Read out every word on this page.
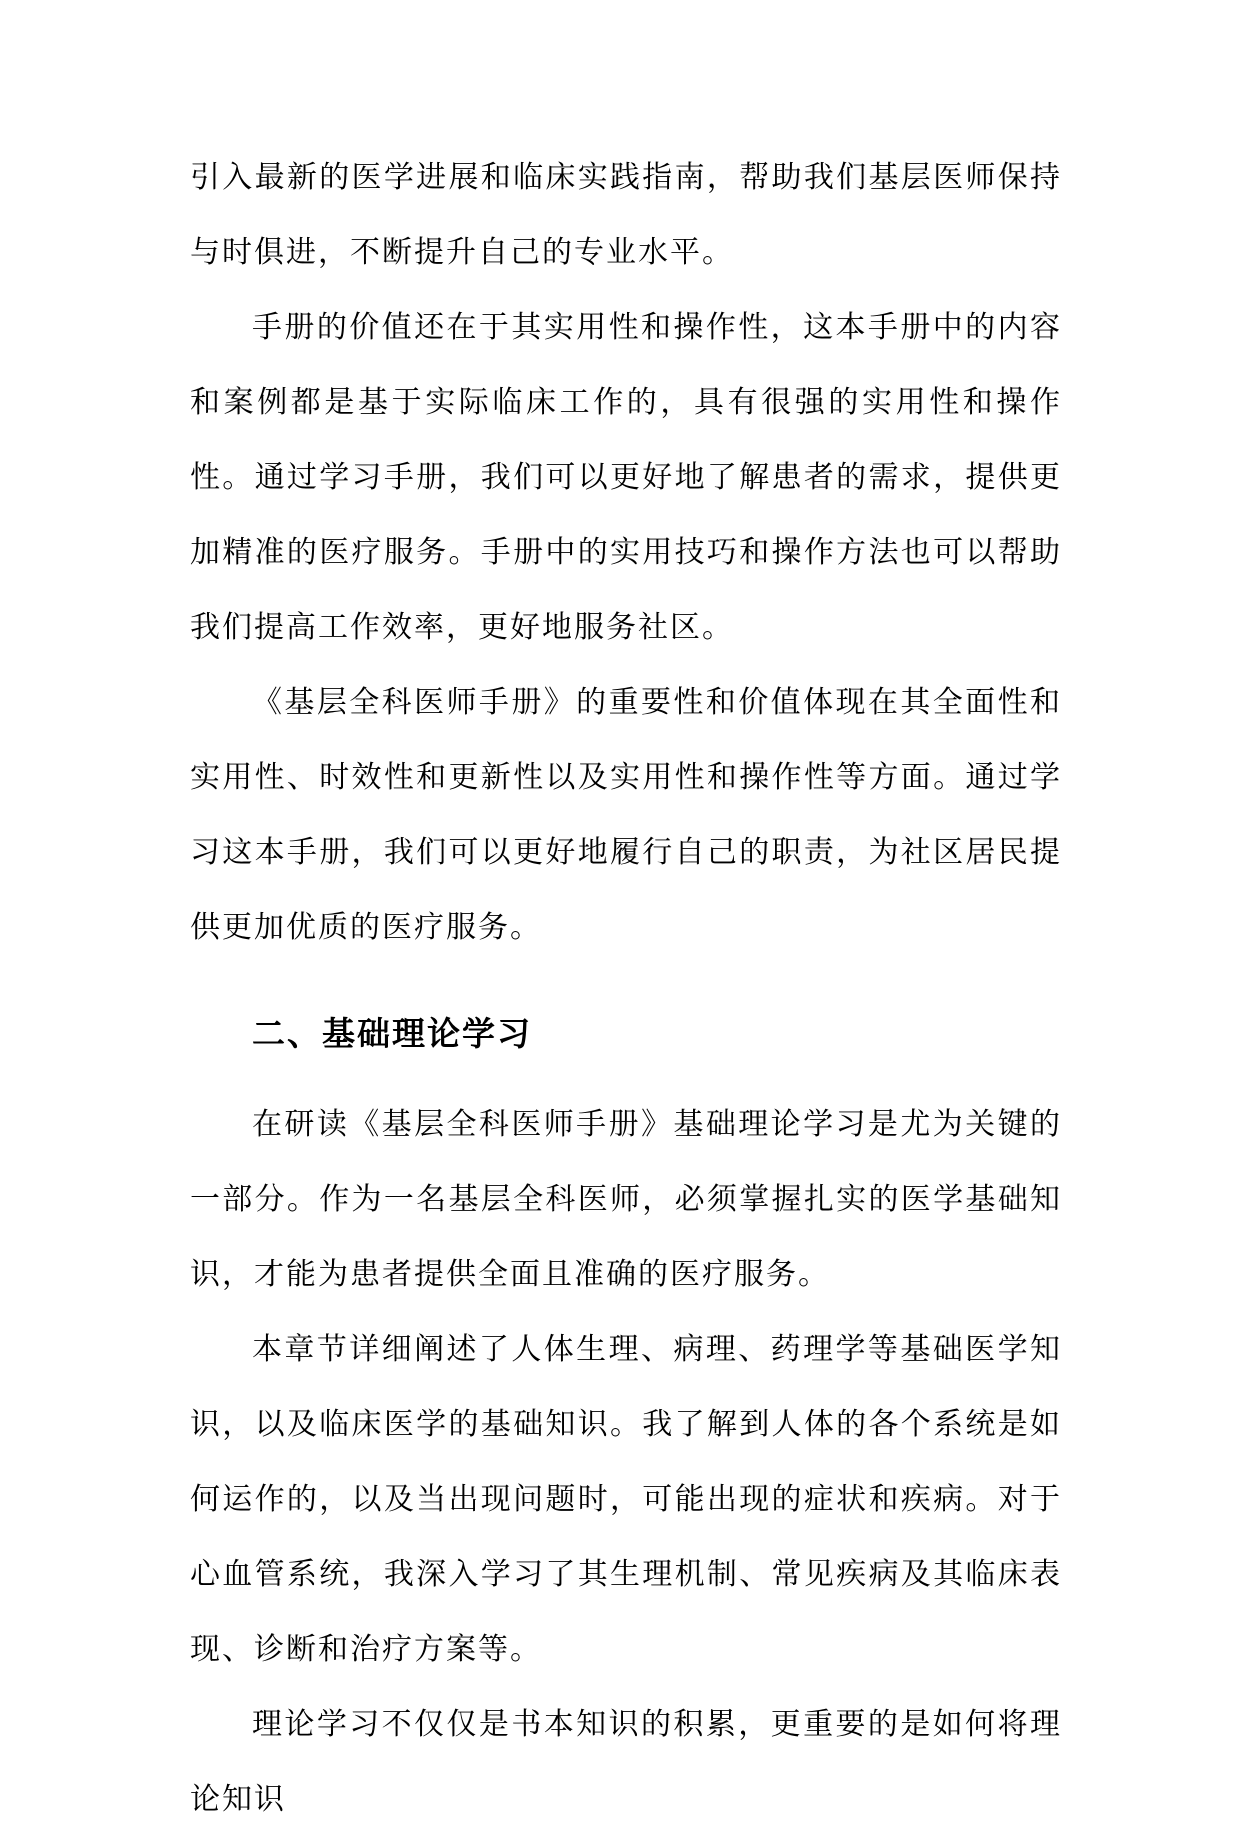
引入最新的医学进展和临床实践指南，帮助我们基层医师保持与时俱进，不断提升自己的专业水平。

手册的价值还在于其实用性和操作性，这本手册中的内容和案例都是基于实际临床工作的，具有很强的实用性和操作性。通过学习手册，我们可以更好地了解患者的需求，提供更加精准的医疗服务。手册中的实用技巧和操作方法也可以帮助我们提高工作效率，更好地服务社区。

《基层全科医师手册》的重要性和价值体现在其全面性和实用性、时效性和更新性以及实用性和操作性等方面。通过学习这本手册，我们可以更好地履行自己的职责，为社区居民提供更加优质的医疗服务。

二、基础理论学习

在研读《基层全科医师手册》基础理论学习是尤为关键的一部分。作为一名基层全科医师，必须掌握扎实的医学基础知识，才能为患者提供全面且准确的医疗服务。

本章节详细阐述了人体生理、病理、药理学等基础医学知识，以及临床医学的基础知识。我了解到人体的各个系统是如何运作的，以及当出现问题时，可能出现的症状和疾病。对于心血管系统，我深入学习了其生理机制、常见疾病及其临床表现、诊断和治疗方案等。

理论学习不仅仅是书本知识的积累，更重要的是如何将理论知识
